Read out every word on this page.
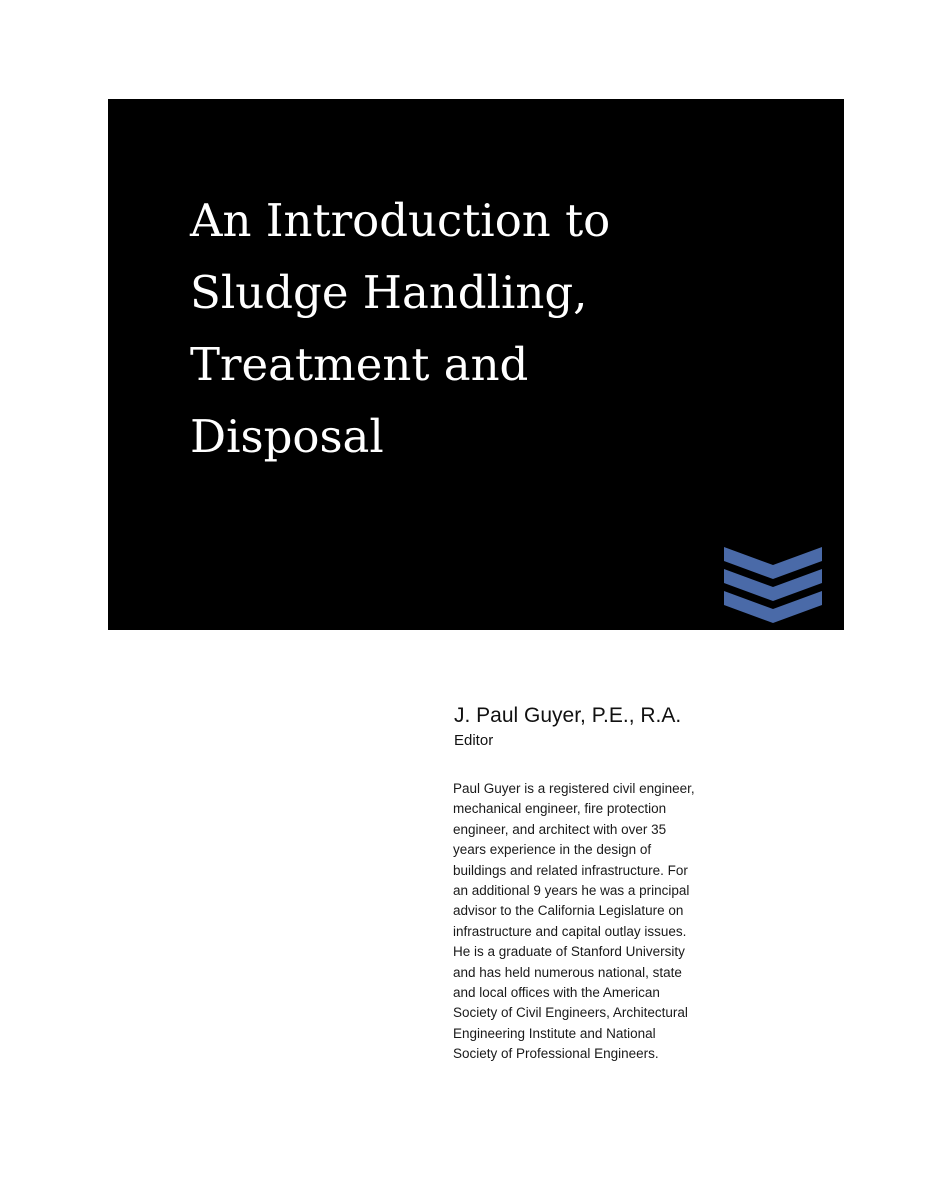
An Introduction to
Sludge Handling,
Treatment and
Disposal

J. Paul Guyer, P.E., R.A.

Editor

Paul Guyer is a registered civil engineer,
mechanical engineer, fire protection
engineer, and architect with over 35
years experience in the design of
buildings and related infrastructure. For
an additional 9 years he was a principal
advisor to the California Legislature on
infrastructure and capital outlay issues.
He is a graduate of Stanford University
and has held numerous national, state
and local offices with the American
Society of Civil Engineers, Architectural
Engineering Institute and National
Society of Professional Engineers.
